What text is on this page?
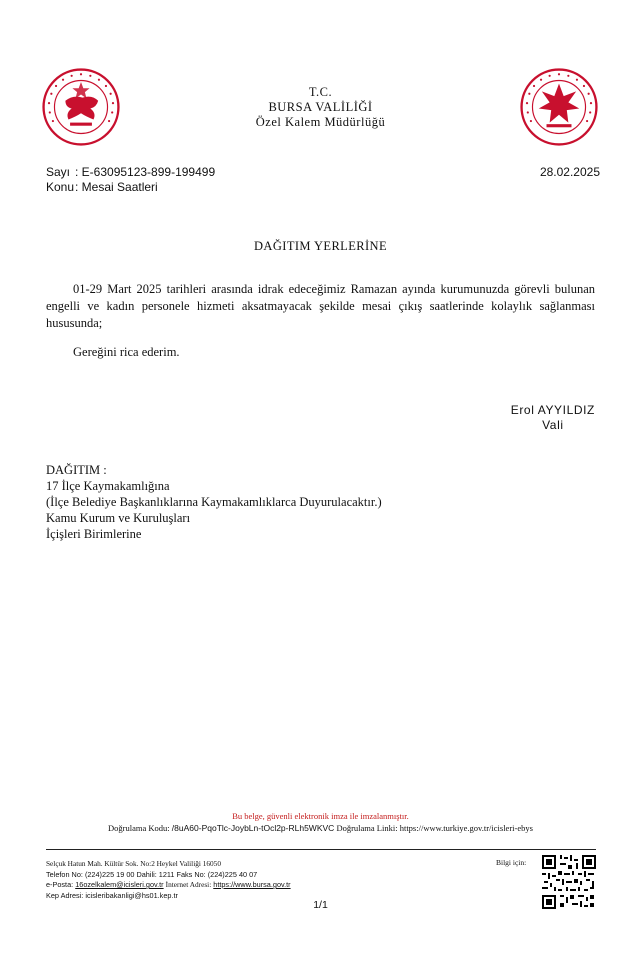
T.C.
BURSA VALİLİĞİ
Özel Kalem Müdürlüğü
Sayı : E-63095123-899-199499
Konu: Mesai Saatleri
28.02.2025
DAĞITIM YERLERİNE
01-29 Mart 2025 tarihleri arasında idrak edeceğimiz Ramazan ayında kurumunuzda görevli bulunan engelli ve kadın personele hizmeti aksatmayacak şekilde mesai çıkış saatlerinde kolaylık sağlanması hususunda;
Gereğini rica ederim.
Erol AYYILDIZ
Vali
DAĞITIM :
17 İlçe Kaymakamlığına
(İlçe Belediye Başkanlıklarına Kaymakamlıklarca Duyurulacaktır.)
Kamu Kurum ve Kuruluşları
İçişleri Birimlerine
Bu belge, güvenli elektronik imza ile imzalanmıştır.
Doğrulama Kodu: /8uA60-PqoTlc-JoybLn-tOcl2p-RLh5WKVC Doğrulama Linki: https://www.turkiye.gov.tr/icisleri-ebys
Selçuk Hatun Mah. Kültür Sok. No:2 Heykel Valiliği 16050
Telefon No: (224)225 19 00 Dahili: 1211 Faks No: (224)225 40 07
e-Posta: 16ozelkalem@icisleri.gov.tr İnternet Adresi: https://www.bursa.gov.tr
Kep Adresi: icisleribakanligi@hs01.kep.tr
Bilgi için:
1/1
